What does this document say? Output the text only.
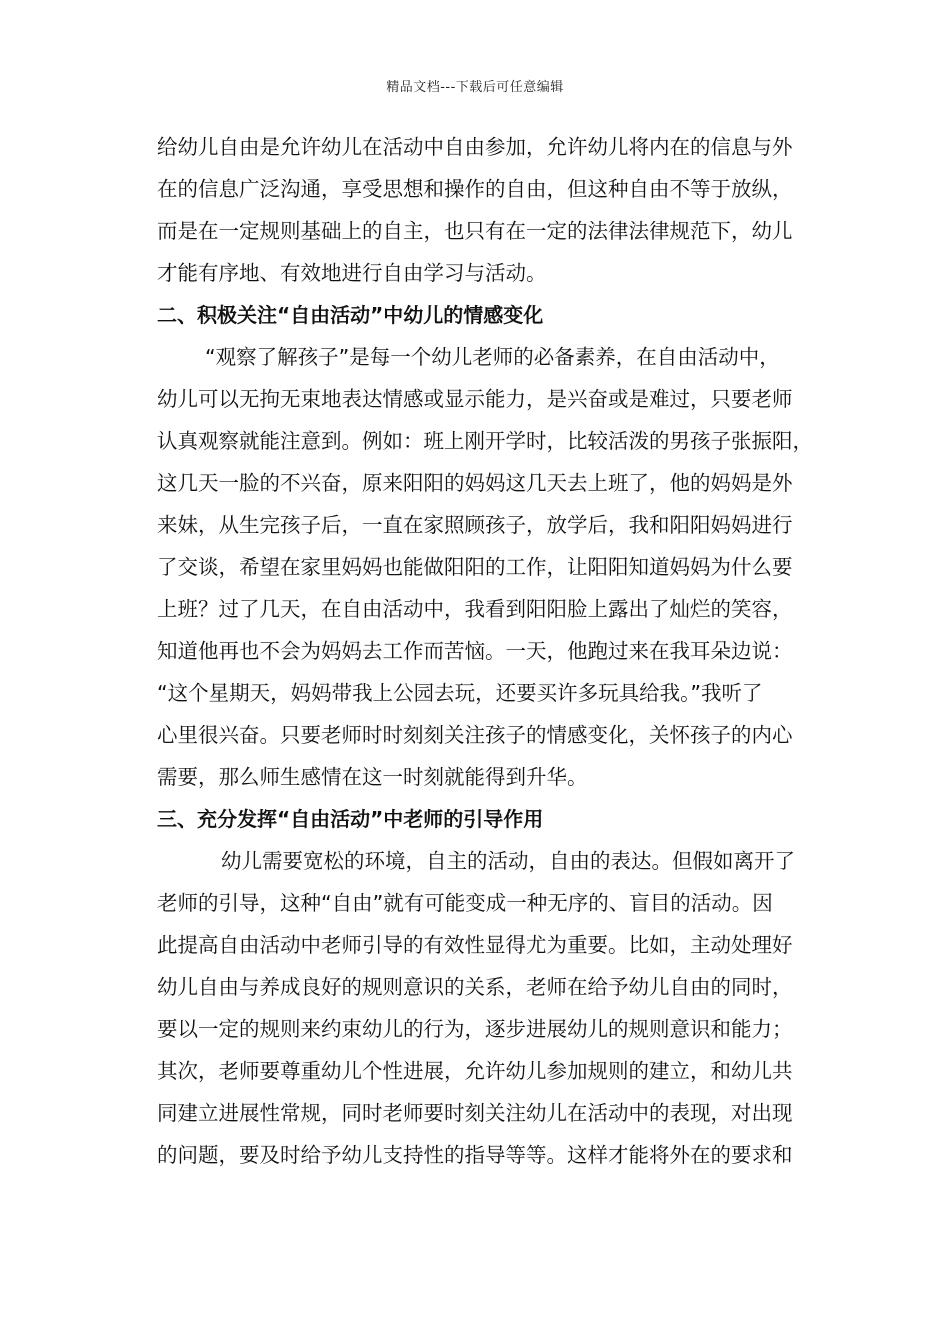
精品文档---下载后可任意编辑
给幼儿自由是允许幼儿在活动中自由参加，允许幼儿将内在的信息与外
在的信息广泛沟通，享受思想和操作的自由，但这种自由不等于放纵，
而是在一定规则基础上的自主，也只有在一定的法律法律规范下，幼儿
才能有序地、有效地进行自由学习与活动。
二、积极关注“自由活动”中幼儿的情感变化
“观察了解孩子”是每一个幼儿老师的必备素养，在自由活动中，
幼儿可以无拘无束地表达情感或显示能力，是兴奋或是难过，只要老师
认真观察就能注意到。例如：班上刚开学时，比较活泼的男孩子张振阳，
这几天一脸的不兴奋，原来阳阳的妈妈这几天去上班了，他的妈妈是外
来妹，从生完孩子后，一直在家照顾孩子，放学后，我和阳阳妈妈进行
了交谈，希望在家里妈妈也能做阳阳的工作，让阳阳知道妈妈为什么要
上班？过了几天，在自由活动中，我看到阳阳脸上露出了灿烂的笑容，
知道他再也不会为妈妈去工作而苦恼。一天，他跑过来在我耳朵边说：
“这个星期天，妈妈带我上公园去玩，还要买许多玩具给我。”我听了
心里很兴奋。只要老师时时刻刻关注孩子的情感变化，关怀孩子的内心
需要，那么师生感情在这一时刻就能得到升华。
三、充分发挥“自由活动”中老师的引导作用
幼儿需要宽松的环境，自主的活动，自由的表达。但假如离开了
老师的引导，这种“自由”就有可能变成一种无序的、盲目的活动。因
此提高自由活动中老师引导的有效性显得尤为重要。比如，主动处理好
幼儿自由与养成良好的规则意识的关系，老师在给予幼儿自由的同时，
要以一定的规则来约束幼儿的行为，逐步进展幼儿的规则意识和能力；
其次，老师要尊重幼儿个性进展，允许幼儿参加规则的建立，和幼儿共
同建立进展性常规，同时老师要时刻关注幼儿在活动中的表现，对出现
的问题，要及时给予幼儿支持性的指导等等。这样才能将外在的要求和
